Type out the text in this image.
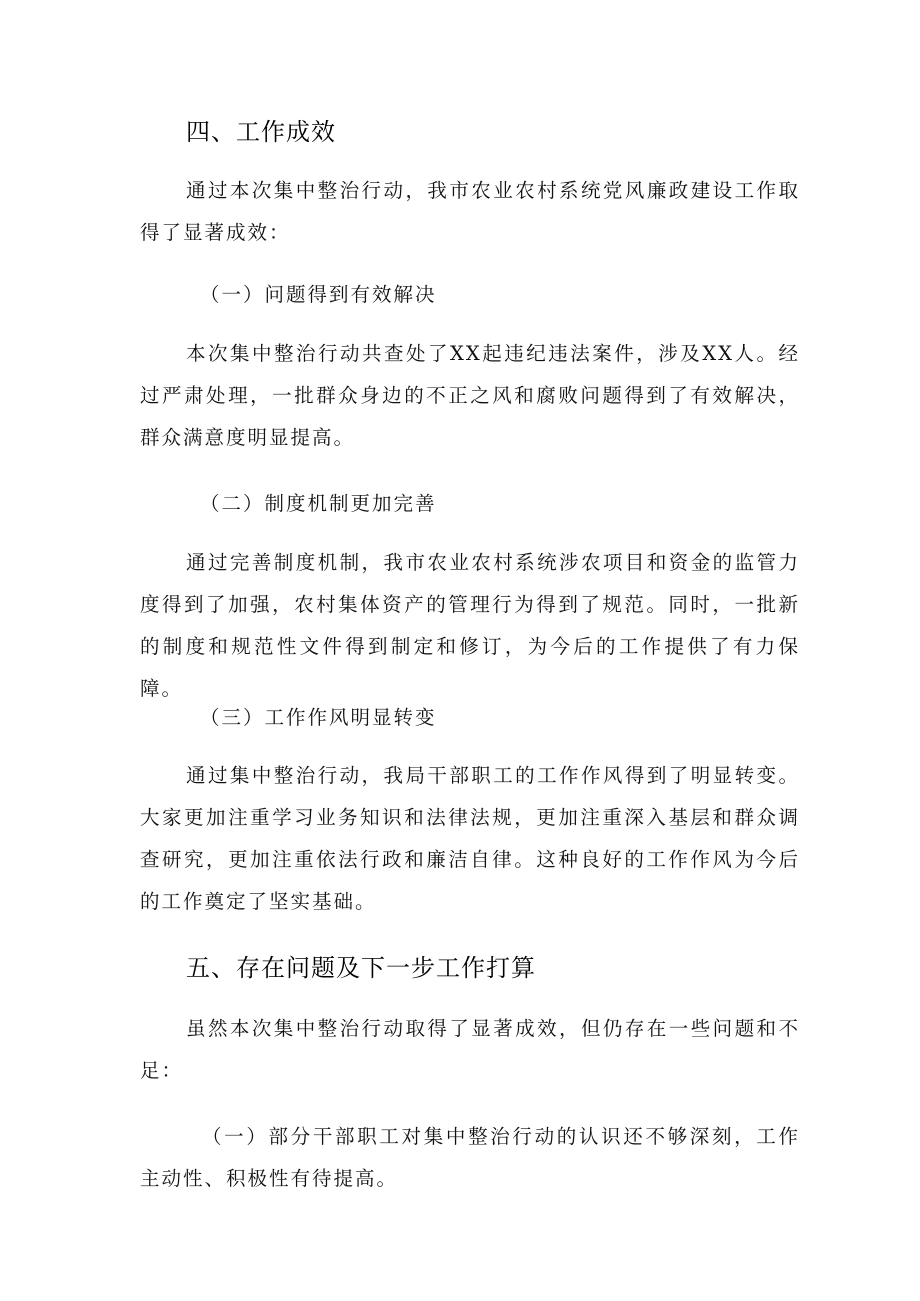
四、工作成效

通过本次集中整治行动，我市农业农村系统党风廉政建设工作取得了显著成效：

（一）问题得到有效解决

本次集中整治行动共查处了XX起违纪违法案件，涉及XX人。经过严肃处理，一批群众身边的不正之风和腐败问题得到了有效解决，群众满意度明显提高。

（二）制度机制更加完善

通过完善制度机制，我市农业农村系统涉农项目和资金的监管力度得到了加强，农村集体资产的管理行为得到了规范。同时，一批新的制度和规范性文件得到制定和修订，为今后的工作提供了有力保障。

（三）工作作风明显转变

通过集中整治行动，我局干部职工的工作作风得到了明显转变。大家更加注重学习业务知识和法律法规，更加注重深入基层和群众调查研究，更加注重依法行政和廉洁自律。这种良好的工作作风为今后的工作奠定了坚实基础。

五、存在问题及下一步工作打算

虽然本次集中整治行动取得了显著成效，但仍存在一些问题和不足：

（一）部分干部职工对集中整治行动的认识还不够深刻，工作主动性、积极性有待提高。
